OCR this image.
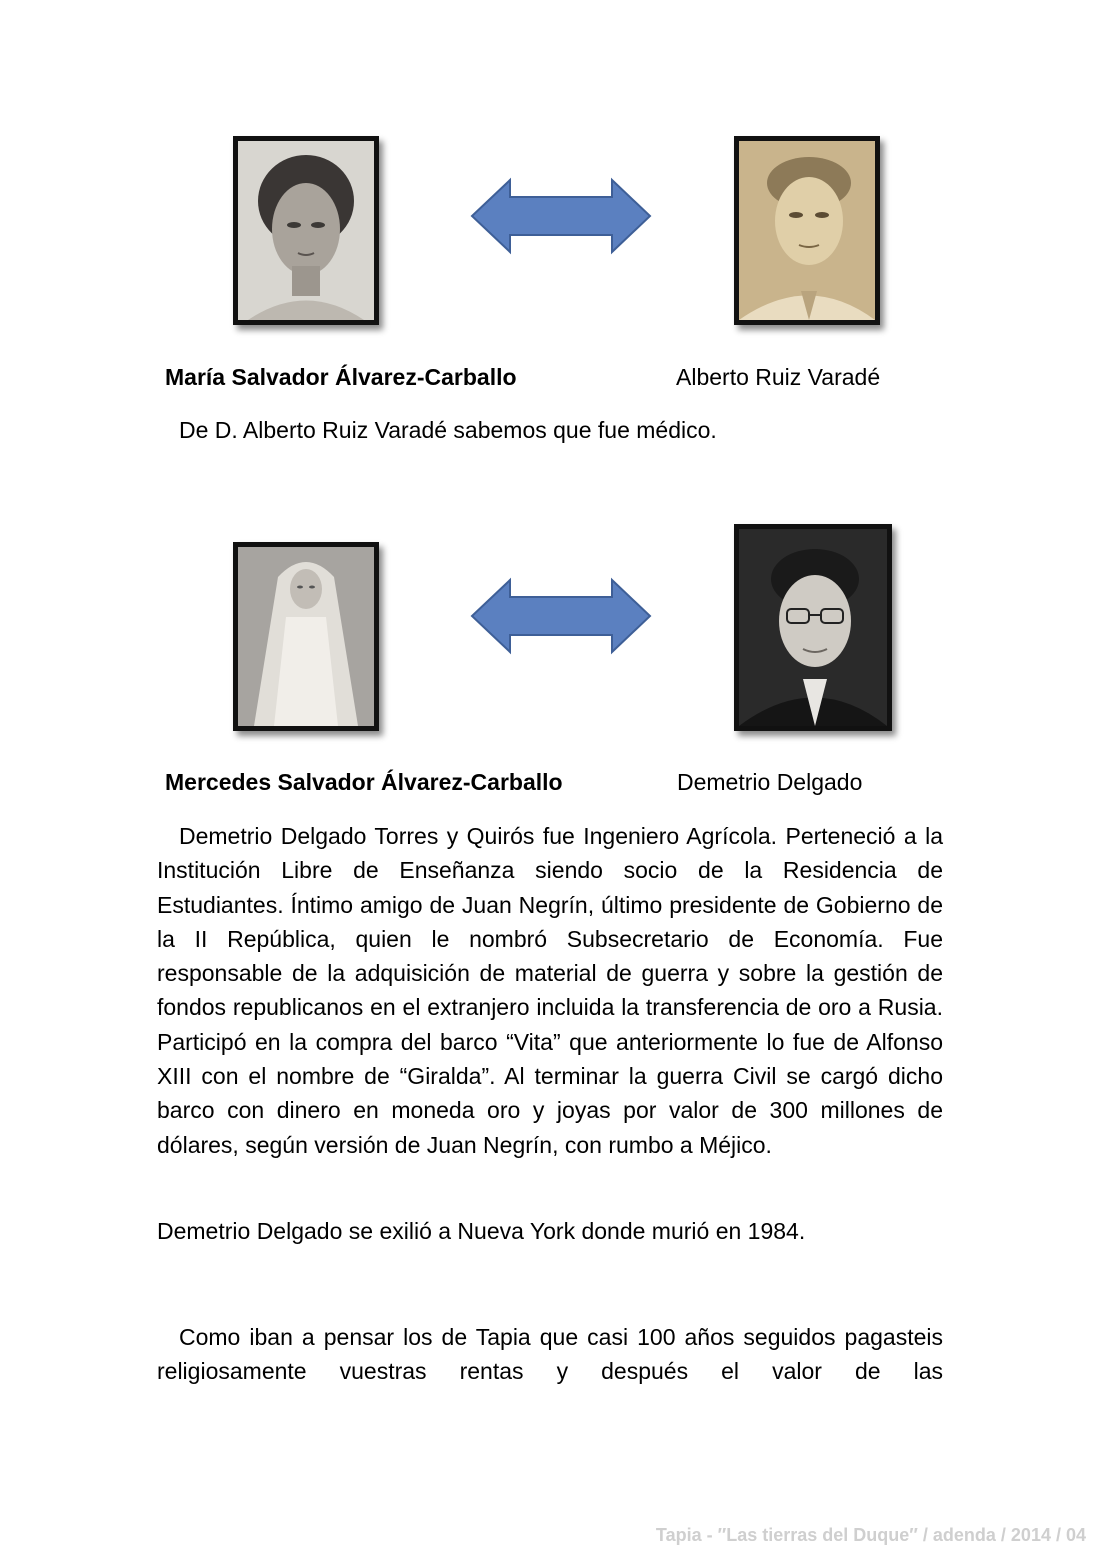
María Salvador Álvarez-Carballo	Alberto Ruiz Varadé
De D. Alberto Ruiz Varadé sabemos que fue médico.
Mercedes Salvador Álvarez-Carballo	Demetrio Delgado

Demetrio Delgado Torres y Quirós fue Ingeniero Agrícola. Perteneció a la Institución Libre de Enseñanza siendo socio de la Residencia de Estudiantes. Íntimo amigo de Juan Negrín, último presidente de Gobierno de la II República, quien le nombró Subsecretario de Economía. Fue responsable de la adquisición de material de guerra y sobre la gestión de fondos republicanos en el extranjero incluida la transferencia de oro a Rusia. Participó en la compra del barco “Vita” que anteriormente lo fue de Alfonso XIII con el nombre de “Giralda”. Al terminar la guerra Civil se cargó dicho barco con dinero en moneda oro y joyas por valor de 300 millones de dólares, según versión de Juan Negrín, con rumbo a Méjico.

Demetrio Delgado se exilió a Nueva York donde murió en 1984.

Como iban a pensar los de Tapia que casi 100 años seguidos pagasteis religiosamente vuestras rentas y después el valor de las

Tapia - ″Las tierras del Duque″ / adenda / 2014 / 04
